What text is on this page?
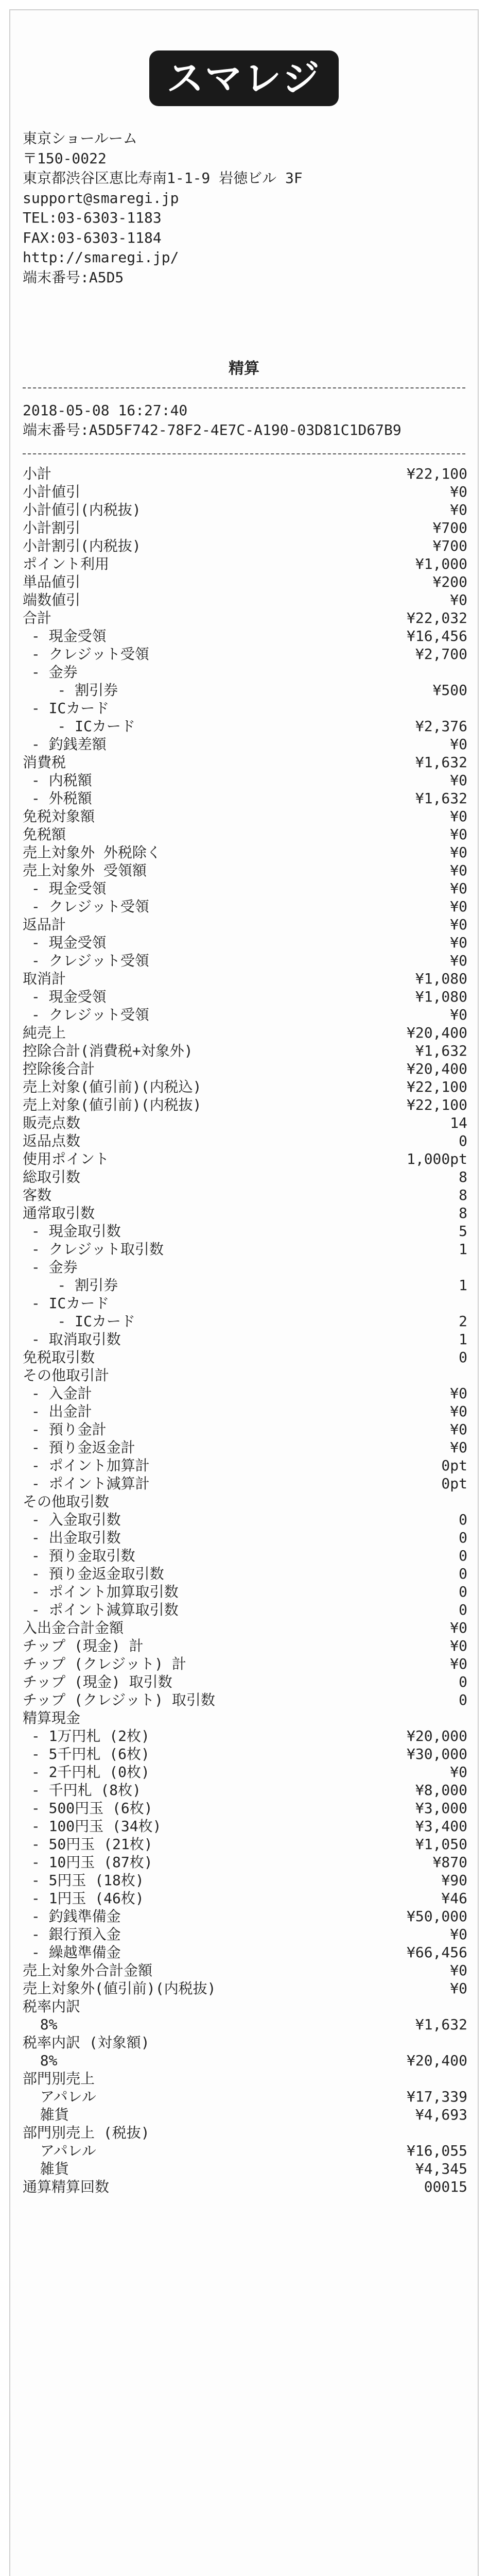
スマレジ
東京ショールーム
〒150-0022
東京都渋谷区恵比寿南1-1-9 岩徳ビル 3F
support@smaregi.jp
TEL:03-6303-1183
FAX:03-6303-1184
http://smaregi.jp/
端末番号:A5D5
精算
2018-05-08 16:27:40
端末番号:A5D5F742-78F2-4E7C-A190-03D81C1D67B9
小計	¥22,100
小計値引	¥0
小計値引(内税抜)	¥0
小計割引	¥700
小計割引(内税抜)	¥700
ポイント利用	¥1,000
単品値引	¥200
端数値引	¥0
合計	¥22,032
- 現金受領	¥16,456
- クレジット受領	¥2,700
- 金券
- 割引券	¥500
- ICカード
- ICカード	¥2,376
- 釣銭差額	¥0
消費税	¥1,632
- 内税額	¥0
- 外税額	¥1,632
免税対象額	¥0
免税額	¥0
売上対象外 外税除く	¥0
売上対象外 受領額	¥0
- 現金受領	¥0
- クレジット受領	¥0
返品計	¥0
- 現金受領	¥0
- クレジット受領	¥0
取消計	¥1,080
- 現金受領	¥1,080
- クレジット受領	¥0
純売上	¥20,400
控除合計(消費税+対象外)	¥1,632
控除後合計	¥20,400
売上対象(値引前)(内税込)	¥22,100
売上対象(値引前)(内税抜)	¥22,100
販売点数	14
返品点数	0
使用ポイント	1,000pt
総取引数	8
客数	8
通常取引数	8
- 現金取引数	5
- クレジット取引数	1
- 金券
- 割引券	1
- ICカード
- ICカード	2
- 取消取引数	1
免税取引数	0
その他取引計
- 入金計	¥0
- 出金計	¥0
- 預り金計	¥0
- 預り金返金計	¥0
- ポイント加算計	0pt
- ポイント減算計	0pt
その他取引数
- 入金取引数	0
- 出金取引数	0
- 預り金取引数	0
- 預り金返金取引数	0
- ポイント加算取引数	0
- ポイント減算取引数	0
入出金合計金額	¥0
チップ (現金) 計	¥0
チップ (クレジット) 計	¥0
チップ (現金) 取引数	0
チップ (クレジット) 取引数	0
精算現金
- 1万円札 (2枚)	¥20,000
- 5千円札 (6枚)	¥30,000
- 2千円札 (0枚)	¥0
- 千円札 (8枚)	¥8,000
- 500円玉 (6枚)	¥3,000
- 100円玉 (34枚)	¥3,400
- 50円玉 (21枚)	¥1,050
- 10円玉 (87枚)	¥870
- 5円玉 (18枚)	¥90
- 1円玉 (46枚)	¥46
- 釣銭準備金	¥50,000
- 銀行預入金	¥0
- 繰越準備金	¥66,456
売上対象外合計金額	¥0
売上対象外(値引前)(内税抜)	¥0
税率内訳
8%	¥1,632
税率内訳 (対象額)
8%	¥20,400
部門別売上
アパレル	¥17,339
雑貨	¥4,693
部門別売上 (税抜)
アパレル	¥16,055
雑貨	¥4,345
通算精算回数	00015
